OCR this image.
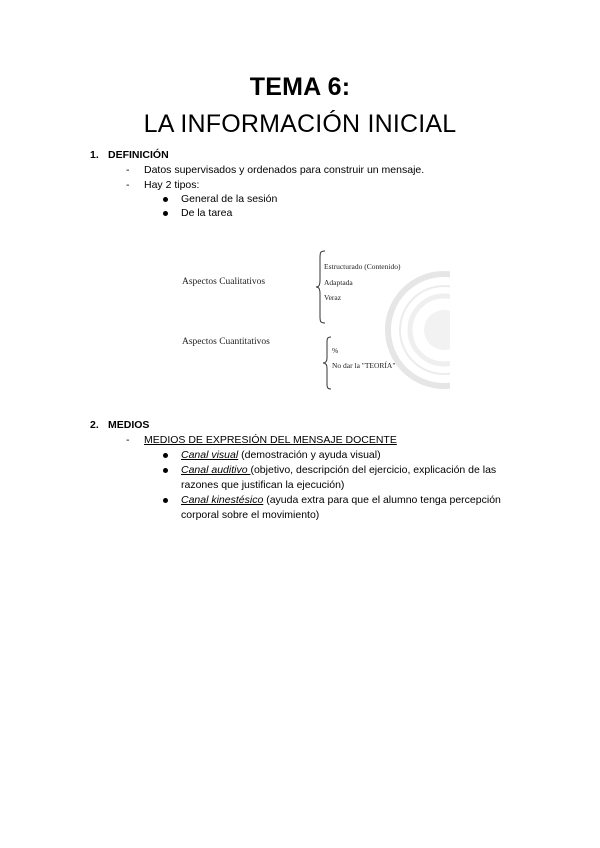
TEMA 6:
LA INFORMACIÓN INICIAL
1. DEFINICIÓN
- Datos supervisados y ordenados para construir un mensaje.
- Hay 2 tipos:
General de la sesión
De la tarea
Aspectos Cualitativos
Estructurado (Contenido)
Adaptada
Veraz
Aspectos Cuantitativos
%
No dar la "TEORÍA"
2. MEDIOS
- MEDIOS DE EXPRESIÓN DEL MENSAJE DOCENTE
Canal visual (demostración y ayuda visual)
Canal auditivo (objetivo, descripción del ejercicio, explicación de las razones que justifican la ejecución)
Canal kinestésico (ayuda extra para que el alumno tenga percepción corporal sobre el movimiento)
